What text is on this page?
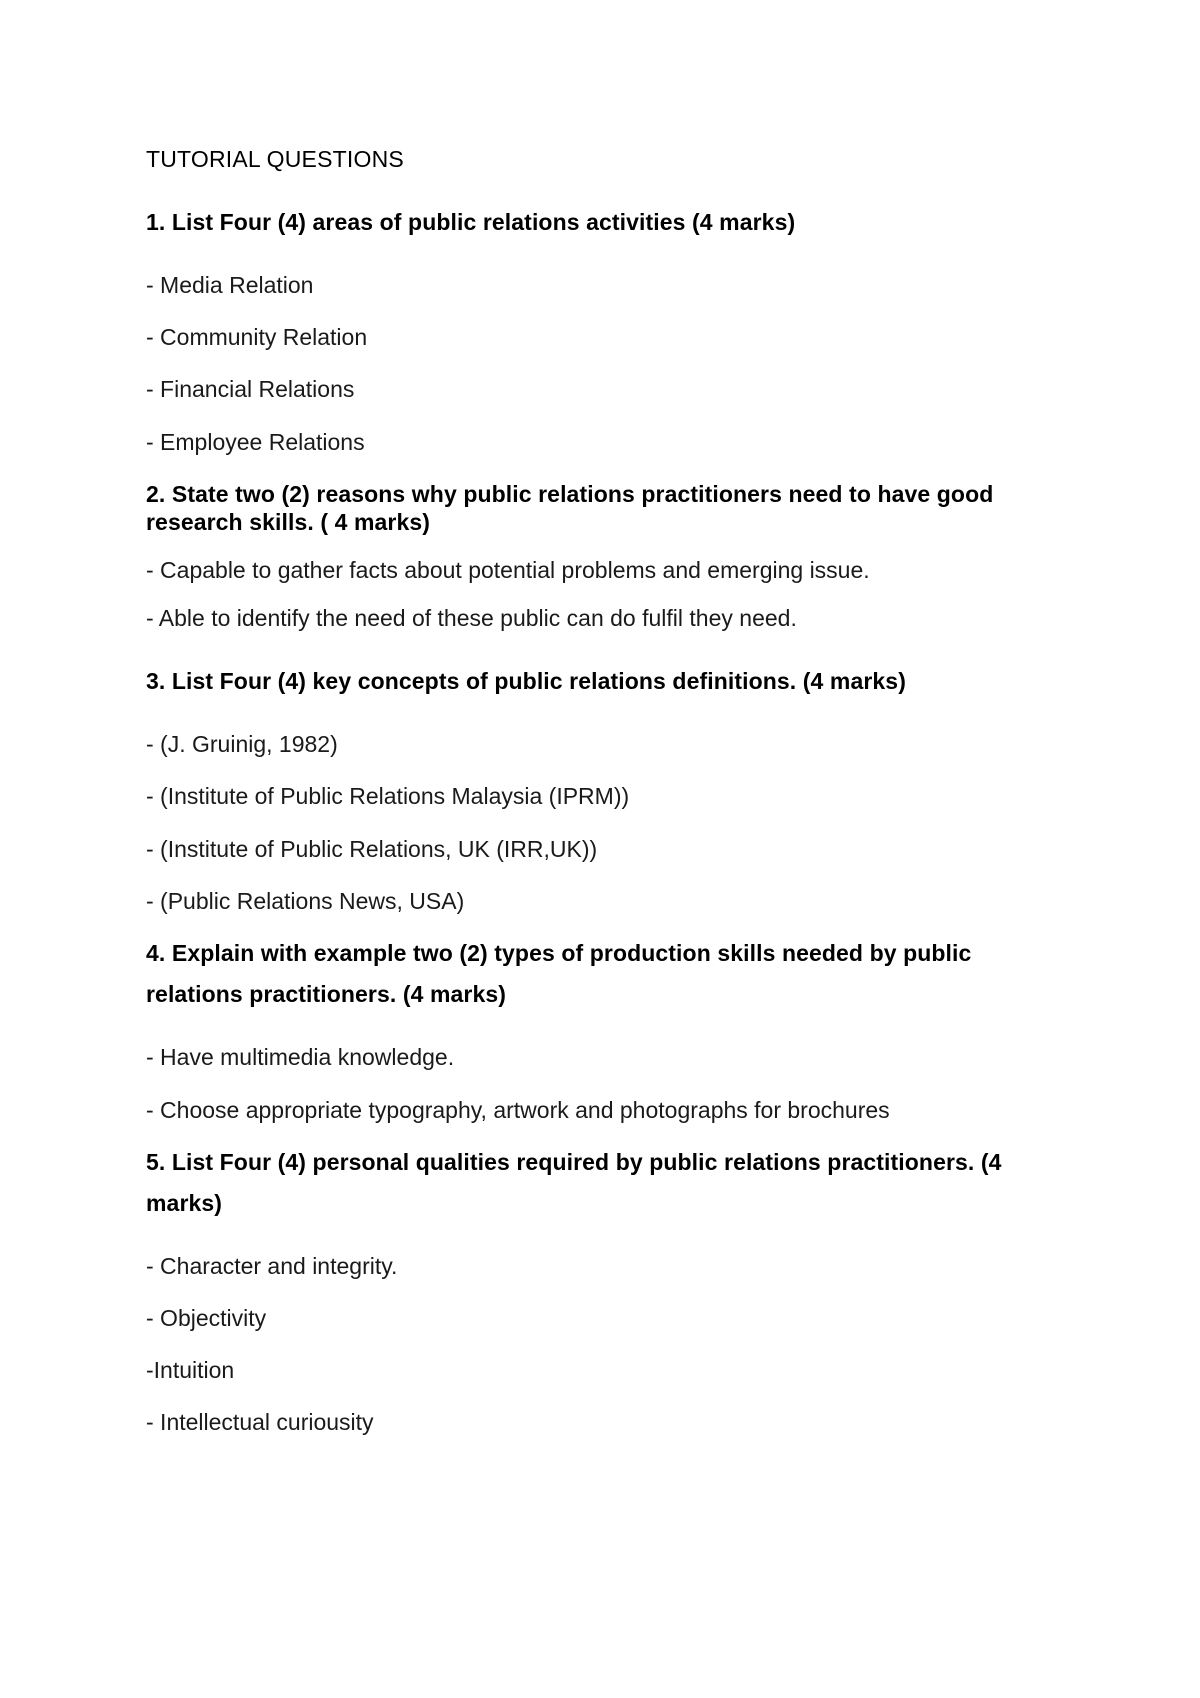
TUTORIAL QUESTIONS
1. List Four (4) areas of public relations activities (4 marks)
- Media Relation
- Community Relation
- Financial Relations
- Employee Relations
2. State two (2) reasons why public relations practitioners need to have good
research skills. ( 4 marks)
- Capable to gather facts about potential problems and emerging issue.
- Able to identify the need of these public can do fulfil they need.
3. List Four (4) key concepts of public relations definitions. (4 marks)
- (J. Gruinig, 1982)
- (Institute of Public Relations Malaysia (IPRM))
- (Institute of Public Relations, UK (IRR,UK))
- (Public Relations News, USA)
4. Explain with example two (2) types of production skills needed by public
relations practitioners. (4 marks)
- Have multimedia knowledge.
- Choose appropriate typography, artwork and photographs for brochures
5. List Four (4) personal qualities required by public relations practitioners. (4
marks)
- Character and integrity.
- Objectivity
-Intuition
- Intellectual curiousity
